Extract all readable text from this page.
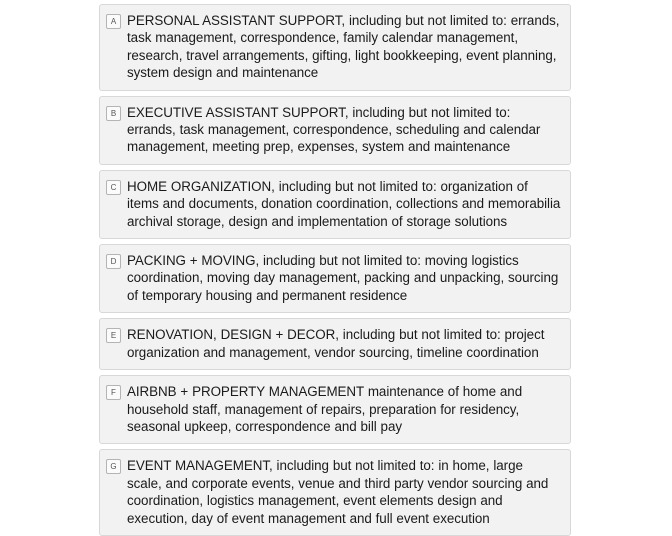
A PERSONAL ASSISTANT SUPPORT, including but not limited to: errands, task management, correspondence, family calendar management, research, travel arrangements, gifting, light bookkeeping, event planning, system design and maintenance
B EXECUTIVE ASSISTANT SUPPORT, including but not limited to: errands, task management, correspondence, scheduling and calendar management, meeting prep, expenses, system and maintenance
C HOME ORGANIZATION, including but not limited to: organization of items and documents, donation coordination, collections and memorabilia archival storage, design and implementation of storage solutions
D PACKING + MOVING, including but not limited to: moving logistics coordination, moving day management, packing and unpacking, sourcing of temporary housing and permanent residence
E RENOVATION, DESIGN + DECOR, including but not limited to: project organization and management, vendor sourcing, timeline coordination
F AIRBNB + PROPERTY MANAGEMENT maintenance of home and household staff, management of repairs, preparation for residency, seasonal upkeep, correspondence and bill pay
G EVENT MANAGEMENT, including but not limited to: in home, large scale, and corporate events, venue and third party vendor sourcing and coordination, logistics management, event elements design and execution, day of event management and full event execution
